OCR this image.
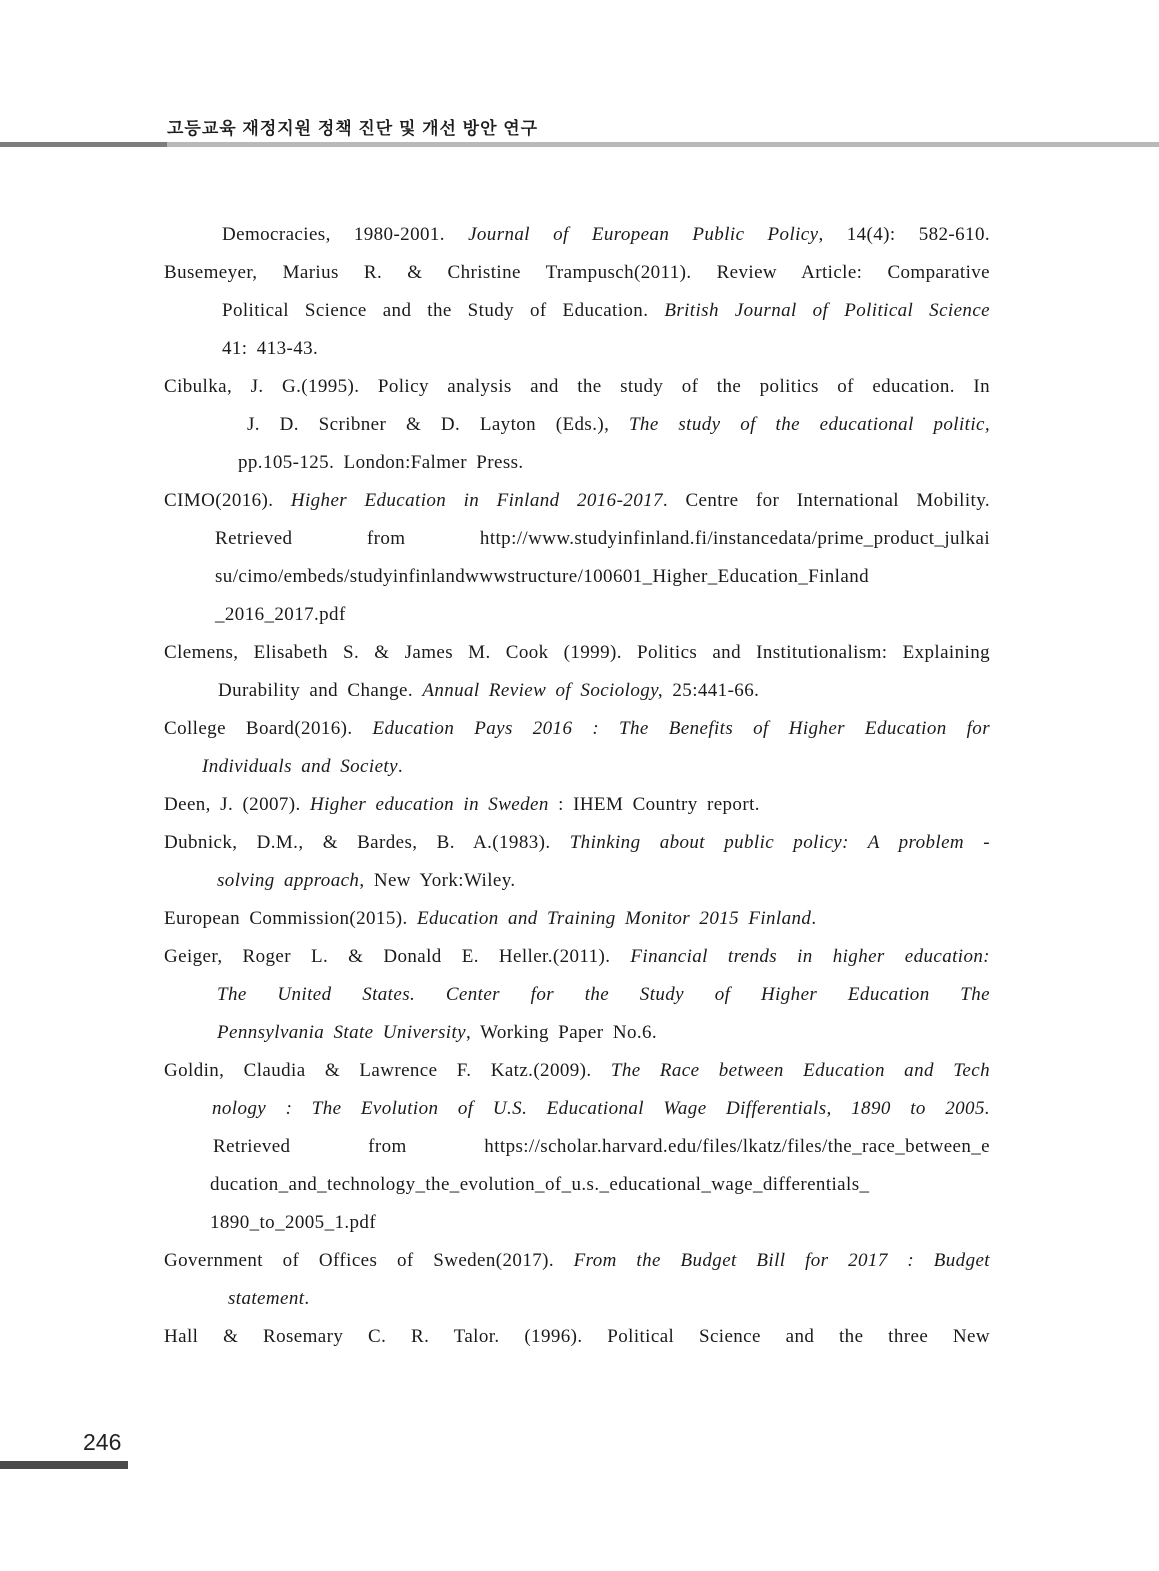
고등교육 재정지원 정책 진단 및 개선 방안 연구
Democracies, 1980-2001. Journal of European Public Policy, 14(4): 582-610.
Busemeyer, Marius R. & Christine Trampusch(2011). Review Article: Comparative
Political Science and the Study of Education. British Journal of Political Science
41: 413-43.
Cibulka, J. G.(1995). Policy analysis and the study of the politics of education. In
J. D. Scribner & D. Layton (Eds.), The study of the educational politic,
pp.105-125. London:Falmer Press.
CIMO(2016). Higher Education in Finland 2016-2017. Centre for International Mobility.
Retrieved from http://www.studyinfinland.fi/instancedata/prime_product_julkai
su/cimo/embeds/studyinfinlandwwwstructure/100601_Higher_Education_Finland
_2016_2017.pdf
Clemens, Elisabeth S. & James M. Cook (1999). Politics and Institutionalism: Explaining
Durability and Change. Annual Review of Sociology, 25:441-66.
College Board(2016). Education Pays 2016 : The Benefits of Higher Education for
Individuals and Society.
Deen, J. (2007). Higher education in Sweden : IHEM Country report.
Dubnick, D.M., & Bardes, B. A.(1983). Thinking about public policy: A problem -
solving approach, New York:Wiley.
European Commission(2015). Education and Training Monitor 2015 Finland.
Geiger, Roger L. & Donald E. Heller.(2011). Financial trends in higher education:
The United States. Center for the Study of Higher Education The
Pennsylvania State University, Working Paper No.6.
Goldin, Claudia & Lawrence F. Katz.(2009). The Race between Education and Tech
nology : The Evolution of U.S. Educational Wage Differentials, 1890 to 2005.
Retrieved from https://scholar.harvard.edu/files/lkatz/files/the_race_between_e
ducation_and_technology_the_evolution_of_u.s._educational_wage_differentials_
1890_to_2005_1.pdf
Government of Offices of Sweden(2017). From the Budget Bill for 2017 : Budget
statement.
Hall & Rosemary C. R. Talor. (1996). Political Science and the three New
246
